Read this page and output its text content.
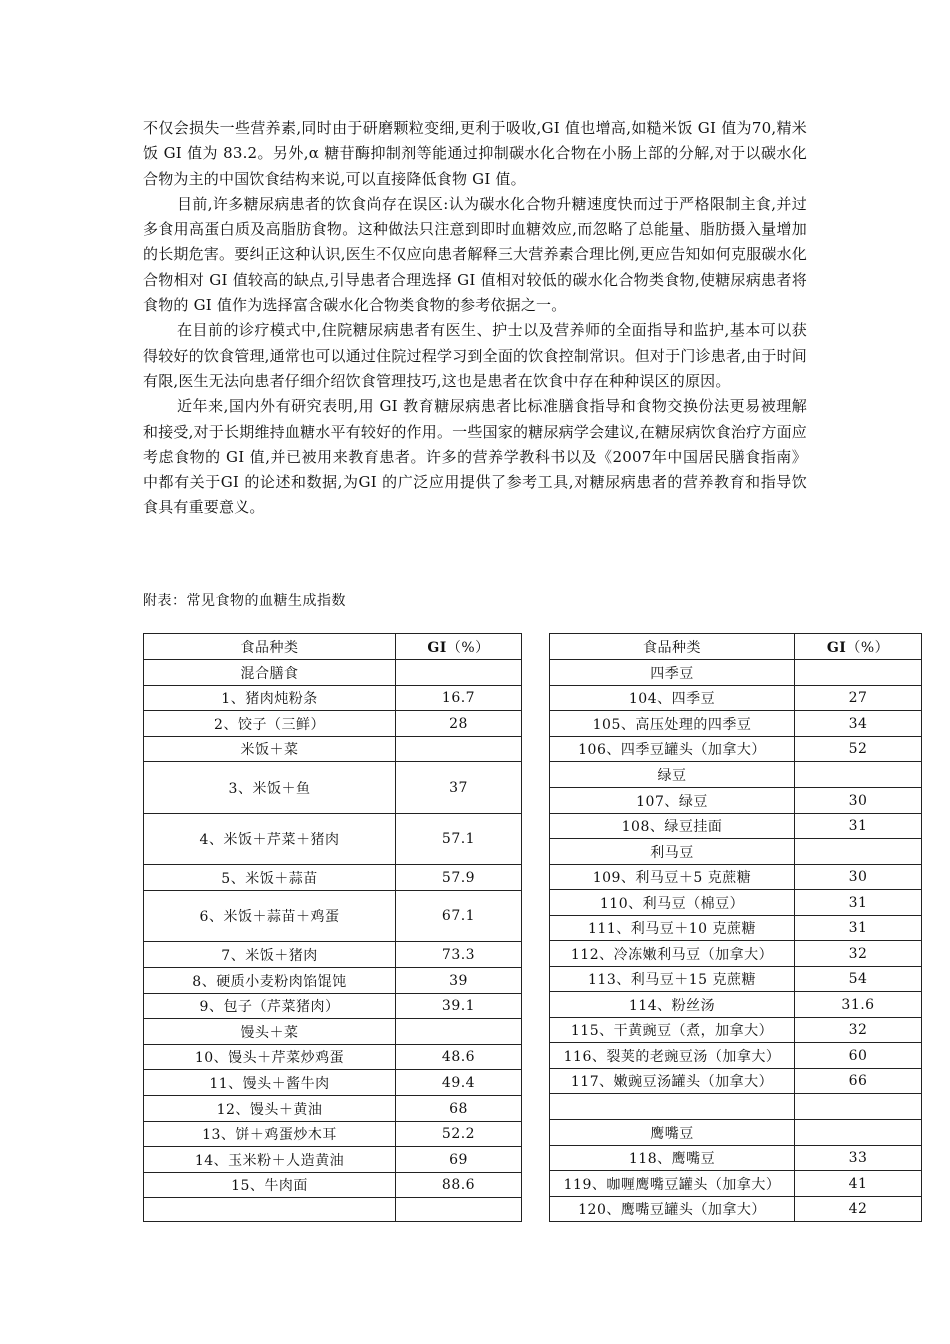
不仅会损失一些营养素,同时由于研磨颗粒变细,更利于吸收,GI 值也增高,如糙米饭 GI 值为70,精米饭 GI 值为 83.2。另外,α 糖苷酶抑制剂等能通过抑制碳水化合物在小肠上部的分解,对于以碳水化合物为主的中国饮食结构来说,可以直接降低食物 GI 值。

目前,许多糖尿病患者的饮食尚存在误区:认为碳水化合物升糖速度快而过于严格限制主食,并过多食用高蛋白质及高脂肪食物。这种做法只注意到即时血糖效应,而忽略了总能量、脂肪摄入量增加的长期危害。要纠正这种认识,医生不仅应向患者解释三大营养素合理比例,更应告知如何克服碳水化合物相对 GI 值较高的缺点,引导患者合理选择 GI 值相对较低的碳水化合物类食物,使糖尿病患者将食物的 GI 值作为选择富含碳水化合物类食物的参考依据之一。

在目前的诊疗模式中,住院糖尿病患者有医生、护士以及营养师的全面指导和监护,基本可以获得较好的饮食管理,通常也可以通过住院过程学习到全面的饮食控制常识。但对于门诊患者,由于时间有限,医生无法向患者仔细介绍饮食管理技巧,这也是患者在饮食中存在种种误区的原因。

近年来,国内外有研究表明,用 GI 教育糖尿病患者比标准膳食指导和食物交换份法更易被理解和接受,对于长期维持血糖水平有较好的作用。一些国家的糖尿病学会建议,在糖尿病饮食治疗方面应考虑食物的 GI 值,并已被用来教育患者。许多的营养学教科书以及《2007年中国居民膳食指南》中都有关于GI 的论述和数据,为GI 的广泛应用提供了参考工具,对糖尿病患者的营养教育和指导饮食具有重要意义。

附表：常见食物的血糖生成指数

食品种类	GI（%）
混合膳食	
1、猪肉炖粉条	16.7
2、饺子（三鲜）	28
米饭＋菜	
3、米饭＋鱼	37
4、米饭＋芹菜＋猪肉	57.1
5、米饭＋蒜苗	57.9
6、米饭＋蒜苗＋鸡蛋	67.1
7、米饭＋猪肉	73.3
8、硬质小麦粉肉馅馄饨	39
9、包子（芹菜猪肉）	39.1
馒头＋菜	
10、馒头＋芹菜炒鸡蛋	48.6
11、馒头＋酱牛肉	49.4
12、馒头＋黄油	68
13、饼＋鸡蛋炒木耳	52.2
14、玉米粉＋人造黄油	69
15、牛肉面	88.6

食品种类	GI（%）
四季豆	
104、四季豆	27
105、高压处理的四季豆	34
106、四季豆罐头（加拿大）	52
绿豆	
107、绿豆	30
108、绿豆挂面	31
利马豆	
109、利马豆＋5 克蔗糖	30
110、利马豆（棉豆）	31
111、利马豆＋10 克蔗糖	31
112、冷冻嫩利马豆（加拿大）	32
113、利马豆＋15 克蔗糖	54
114、粉丝汤	31.6
115、干黄豌豆（煮，加拿大）	32
116、裂荚的老豌豆汤（加拿大）	60
117、嫩豌豆汤罐头（加拿大）	66

鹰嘴豆	
118、鹰嘴豆	33
119、咖喱鹰嘴豆罐头（加拿大）	41
120、鹰嘴豆罐头（加拿大）	42
